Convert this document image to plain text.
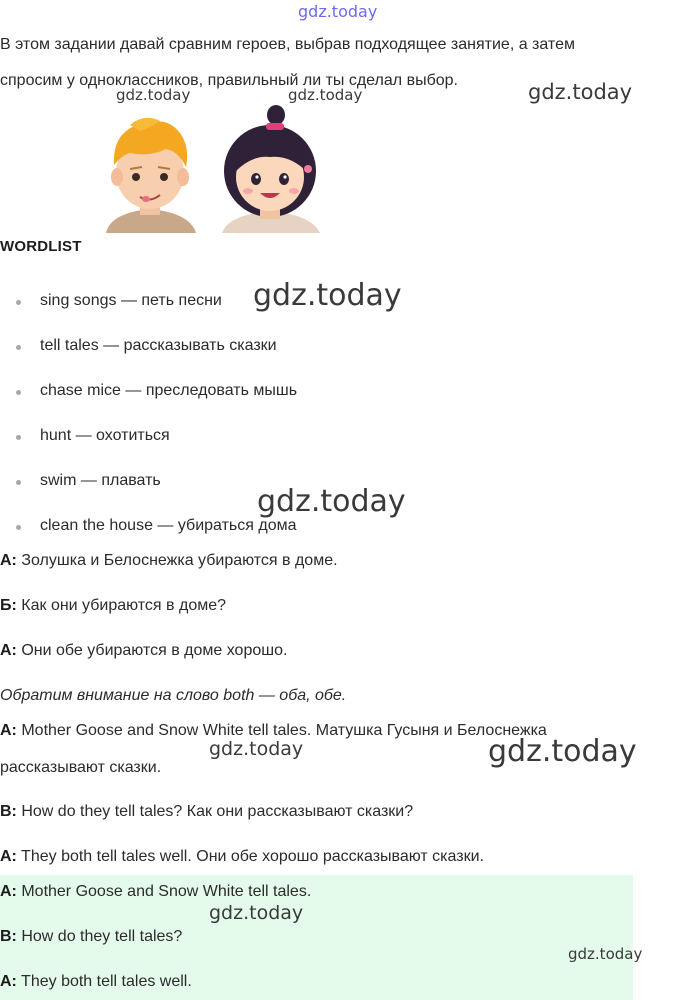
gdz.today
В этом задании давай сравним героев, выбрав подходящее занятие, а затем
спросим у одноклассников, правильный ли ты сделал выбор.
gdz.today	gdz.today	gdz.today
WORDLIST
sing songs — петь песни
tell tales — рассказывать сказки
chase mice — преследовать мышь
hunt — охотиться
swim — плавать
clean the house — убираться дома
gdz.today
gdz.today
А: Золушка и Белоснежка убираются в доме.
Б: Как они убираются в доме?
А: Они обе убираются в доме хорошо.
Обратим внимание на слово both — оба, обе.
A: Mother Goose and Snow White tell tales. Матушка Гусыня и Белоснежка
рассказывают сказки.
B: How do they tell tales? Как они рассказывают сказки?
A: They both tell tales well. Они обе хорошо рассказывают сказки.
gdz.today	gdz.today
A: Mother Goose and Snow White tell tales.
B: How do they tell tales?
A: They both tell tales well.
gdz.today
gdz.today
